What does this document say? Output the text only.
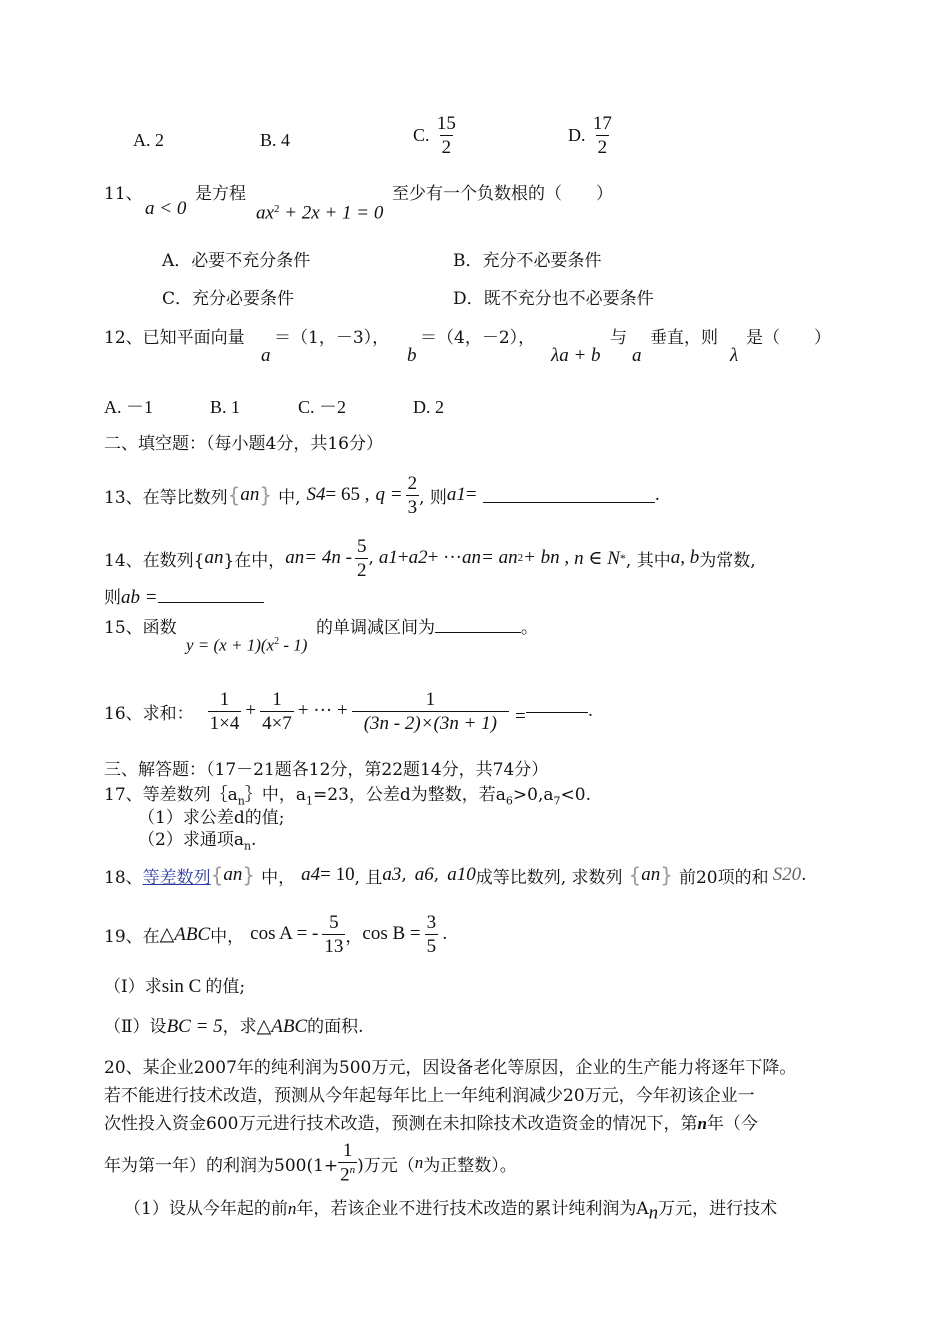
A. 2	B. 4	C. $\frac{15}{2}$	D. $\frac{17}{2}$
11、
a < 0
是方程
$ax^2 + 2x + 1 = 0$
至少有一个负数根的（　　）
A．必要不充分条件	B．充分不必要条件
C．充分必要条件	D．既不充分也不必要条件
12、已知平面向量
a
＝（1，－3），
b
＝（4，－2），
λa + b
与
a
垂直，则
λ
是（　　）
A. －1	B. 1	C. －2	D. 2
二、填空题：（每小题4分，共16分）
13、在等比数列 { a n } 中, S 4 = 65 , $q = \frac{2}{3}$ , 则 a 1 =	.
14、在数列{ a n }在中， a $n = 4n - \frac{5}{2}$ , a 1 + a 2 + ··· a n = an 2 + bn , n ∈ N * , 其中 a, b 为常数,
则ab =
15、函数
$y = (x + 1)(x^2 - 1)$
的单调减区间为	。
16、求和： $\frac{1}{1\times 4} + \frac{1}{4\times 7}$ + ··· + $\frac{1}{(3n - 2)\times(3n + 1)}$ =	.
三、解答题：（17－21题各12分，第22题14分，共74分）
17、等差数列$\{a_n\}$中，$a_1=23$，公差d为整数，若$a_6>0,a_7<0$.
（1）求公差d的值;
（2）求通项$a_n$.
18、 等差数列 { a n } 中， a 4 = 10 , 且 a 3 , a 6 , a 10 成等比数列, 求数列 { a n } 前20项的和 S 20 .
19、在 △ABC 中， cos A = - $\frac{5}{13}$ ， $\cos B = \frac{3}{5}$ .
（Ⅰ）求sin C 的值;
（Ⅱ）设BC = 5，求△ABC的面积.
20、某企业2007年的纯利润为500万元，因设备老化等原因，企业的生产能力将逐年下降。
若不能进行技术改造，预测从今年起每年比上一年纯利润减少20万元，今年初该企业一
次性投入资金600万元进行技术改造，预测在未扣除技术改造资金的情况下，第n年（今
年为第一年）的利润为$500(1+ \frac{1}{2^n}$ )万元（ n 为正整数）。
（1）设从今年起的前n年，若该企业不进行技术改造的累计纯利润为$A_n$万元，进行技术
